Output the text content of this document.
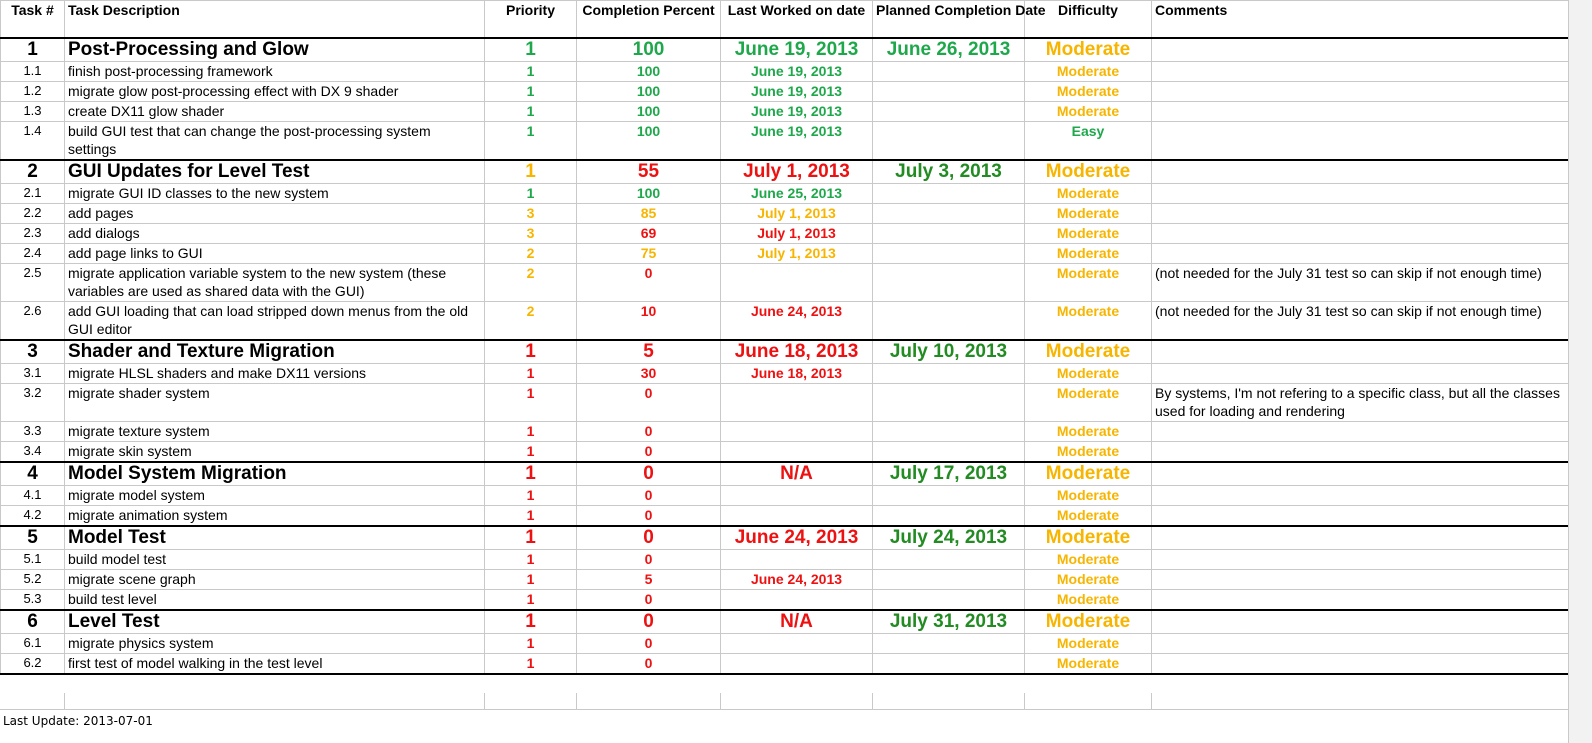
Task #	Task Description	Priority	Completion Percent	Last Worked on date	Planned Completion Date	Difficulty	Comments
1	Post-Processing and Glow	1	100	June 19, 2013	June 26, 2013	Moderate	
1.1	finish post-processing framework	1	100	June 19, 2013		Moderate	
1.2	migrate glow post-processing effect with DX 9 shader	1	100	June 19, 2013		Moderate	
1.3	create DX11 glow shader	1	100	June 19, 2013		Moderate	
1.4	build GUI test that can change the post-processing system settings	1	100	June 19, 2013		Easy	
2	GUI Updates for Level Test	1	55	July 1, 2013	July 3, 2013	Moderate	
2.1	migrate GUI ID classes to the new system	1	100	June 25, 2013		Moderate	
2.2	add pages	3	85	July 1, 2013		Moderate	
2.3	add dialogs	3	69	July 1, 2013		Moderate	
2.4	add page links to GUI	2	75	July 1, 2013		Moderate	
2.5	migrate application variable system to the new system (these variables are used as shared data with the GUI)	2	0			Moderate	(not needed for the July 31 test so can skip if not enough time)
2.6	add GUI loading that can load stripped down menus from the old GUI editor	2	10	June 24, 2013		Moderate	(not needed for the July 31 test so can skip if not enough time)
3	Shader and Texture Migration	1	5	June 18, 2013	July 10, 2013	Moderate	
3.1	migrate HLSL shaders and make DX11 versions	1	30	June 18, 2013		Moderate	
3.2	migrate shader system	1	0			Moderate	By systems, I'm not refering to a specific class, but all the classes used for loading and rendering
3.3	migrate texture system	1	0			Moderate	
3.4	migrate skin system	1	0			Moderate	
4	Model System Migration	1	0	N/A	July 17, 2013	Moderate	
4.1	migrate model system	1	0			Moderate	
4.2	migrate animation system	1	0			Moderate	
5	Model Test	1	0	June 24, 2013	July 24, 2013	Moderate	
5.1	build model test	1	0			Moderate	
5.2	migrate scene graph	1	5	June 24, 2013		Moderate	
5.3	build test level	1	0			Moderate	
6	Level Test	1	0	N/A	July 31, 2013	Moderate	
6.1	migrate physics system	1	0			Moderate	
6.2	first test of model walking in the test level	1	0			Moderate	
Last Update: 2013-07-01
